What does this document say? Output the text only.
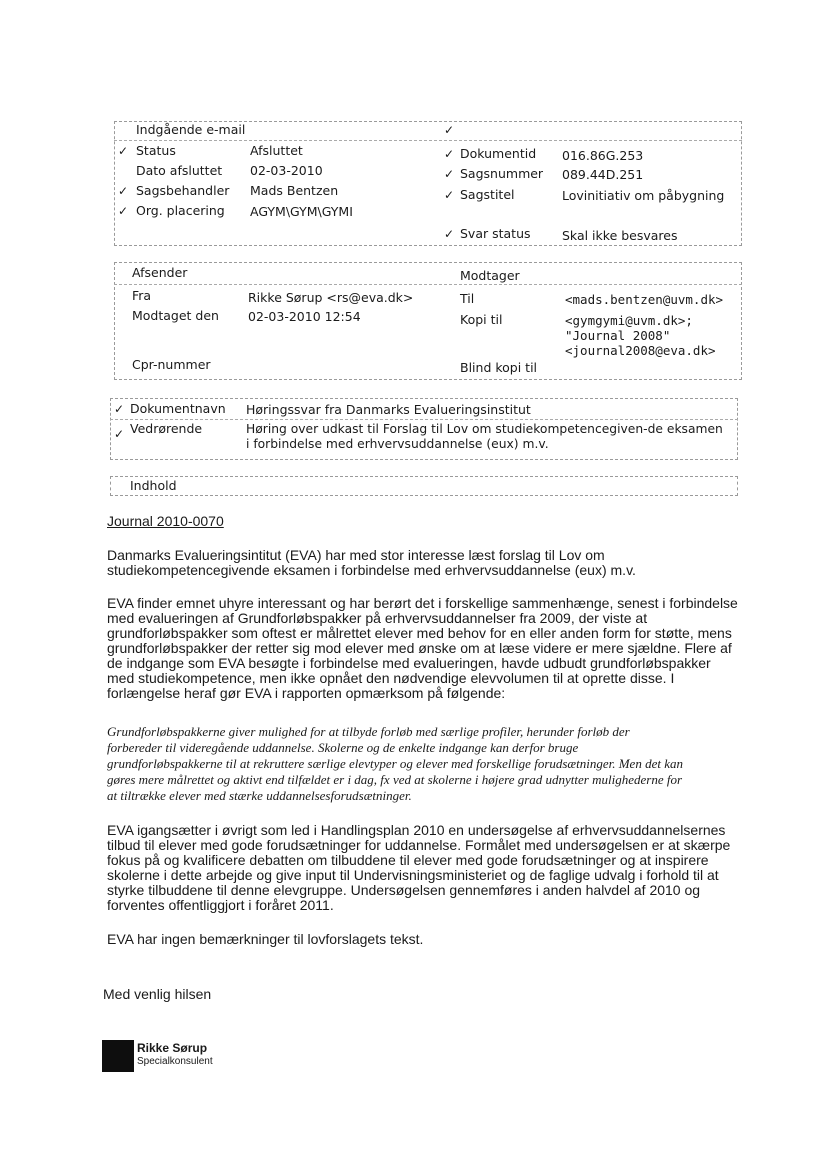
Indgående e-mail	✓
✓ Status	Afsluttet
Dato afsluttet 02-03-2010
✓ Sagsbehandler Mads Bentzen
✓ Org. placering AGYM\GYM\GYMI
✓ Dokumentid 016.86G.253
✓ Sagsnummer 089.44D.251
✓ Sagstitel	Lovinitiativ om påbygning
✓ Svar status	Skal ikke besvares
Afsender	Modtager
Fra	Rikke Sørup <rs@eva.dk>
Modtaget den 02-03-2010 12:54
Cpr-nummer
Til	<mads.bentzen@uvm.dk>
Kopi til	<gymgymi@uvm.dk>;
"Journal 2008"
<journal2008@eva.dk>
Blind kopi til
✓ Dokumentnavn Høringssvar fra Danmarks Evalueringsinstitut
✓ Vedrørende	Høring over udkast til Forslag til Lov om studiekompetencegiven-de eksamen
i forbindelse med erhvervsuddannelse (eux) m.v.
Indhold
Journal 2010-0070
Danmarks Evalueringsintitut (EVA) har med stor interesse læst forslag til Lov om
studiekompetencegivende eksamen i forbindelse med erhvervsuddannelse (eux) m.v.
EVA finder emnet uhyre interessant og har berørt det i forskellige sammenhænge, senest i forbindelse
med evalueringen af Grundforløbspakker på erhvervsuddannelser fra 2009, der viste at
grundforløbspakker som oftest er målrettet elever med behov for en eller anden form for støtte, mens
grundforløbspakker der retter sig mod elever med ønske om at læse videre er mere sjældne. Flere af
de indgange som EVA besøgte i forbindelse med evalueringen, havde udbudt grundforløbspakker
med studiekompetence, men ikke opnået den nødvendige elevvolumen til at oprette disse. I
forlængelse heraf gør EVA i rapporten opmærksom på følgende:
Grundforløbspakkerne giver mulighed for at tilbyde forløb med særlige profiler, herunder forløb der
forbereder til videregående uddannelse. Skolerne og de enkelte indgange kan derfor bruge
grundforløbspakkerne til at rekruttere særlige elevtyper og elever med forskellige forudsætninger. Men det kan
gøres mere målrettet og aktivt end tilfældet er i dag, fx ved at skolerne i højere grad udnytter mulighederne for
at tiltrække elever med stærke uddannelsesforudsætninger.
EVA igangsætter i øvrigt som led i Handlingsplan 2010 en undersøgelse af erhvervsuddannelsernes
tilbud til elever med gode forudsætninger for uddannelse. Formålet med undersøgelsen er at skærpe
fokus på og kvalificere debatten om tilbuddene til elever med gode forudsætninger og at inspirere
skolerne i dette arbejde og give input til Undervisningsministeriet og de faglige udvalg i forhold til at
styrke tilbuddene til denne elevgruppe. Undersøgelsen gennemføres i anden halvdel af 2010 og
forventes offentliggjort i foråret 2011.
EVA har ingen bemærkninger til lovforslagets tekst.
Med venlig hilsen
Rikke Sørup
Specialkonsulent
